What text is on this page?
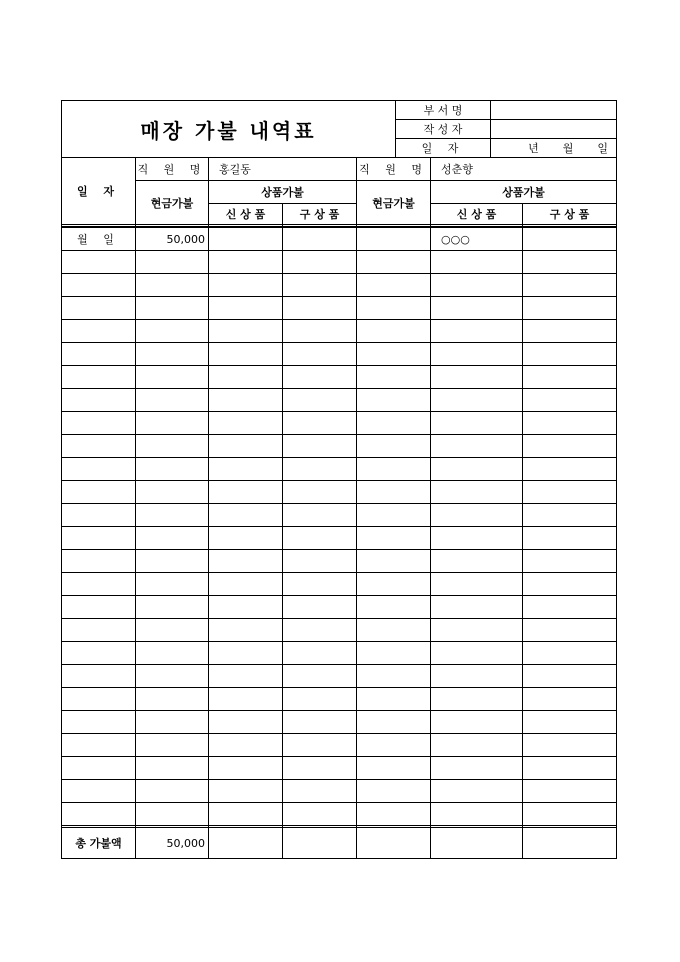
매장 가불 내역표	부 서 명	
	작 성 자	
	일 자	년 월 일
일 자	직 원 명	홍길동		직 원 명	성춘향	
	현금가불	상품가불		현금가불	상품가불	
		신 상 품	구 상 품		신 상 품	구 상 품

월 일	50,000				○○○	

총 가불액	50,000					
